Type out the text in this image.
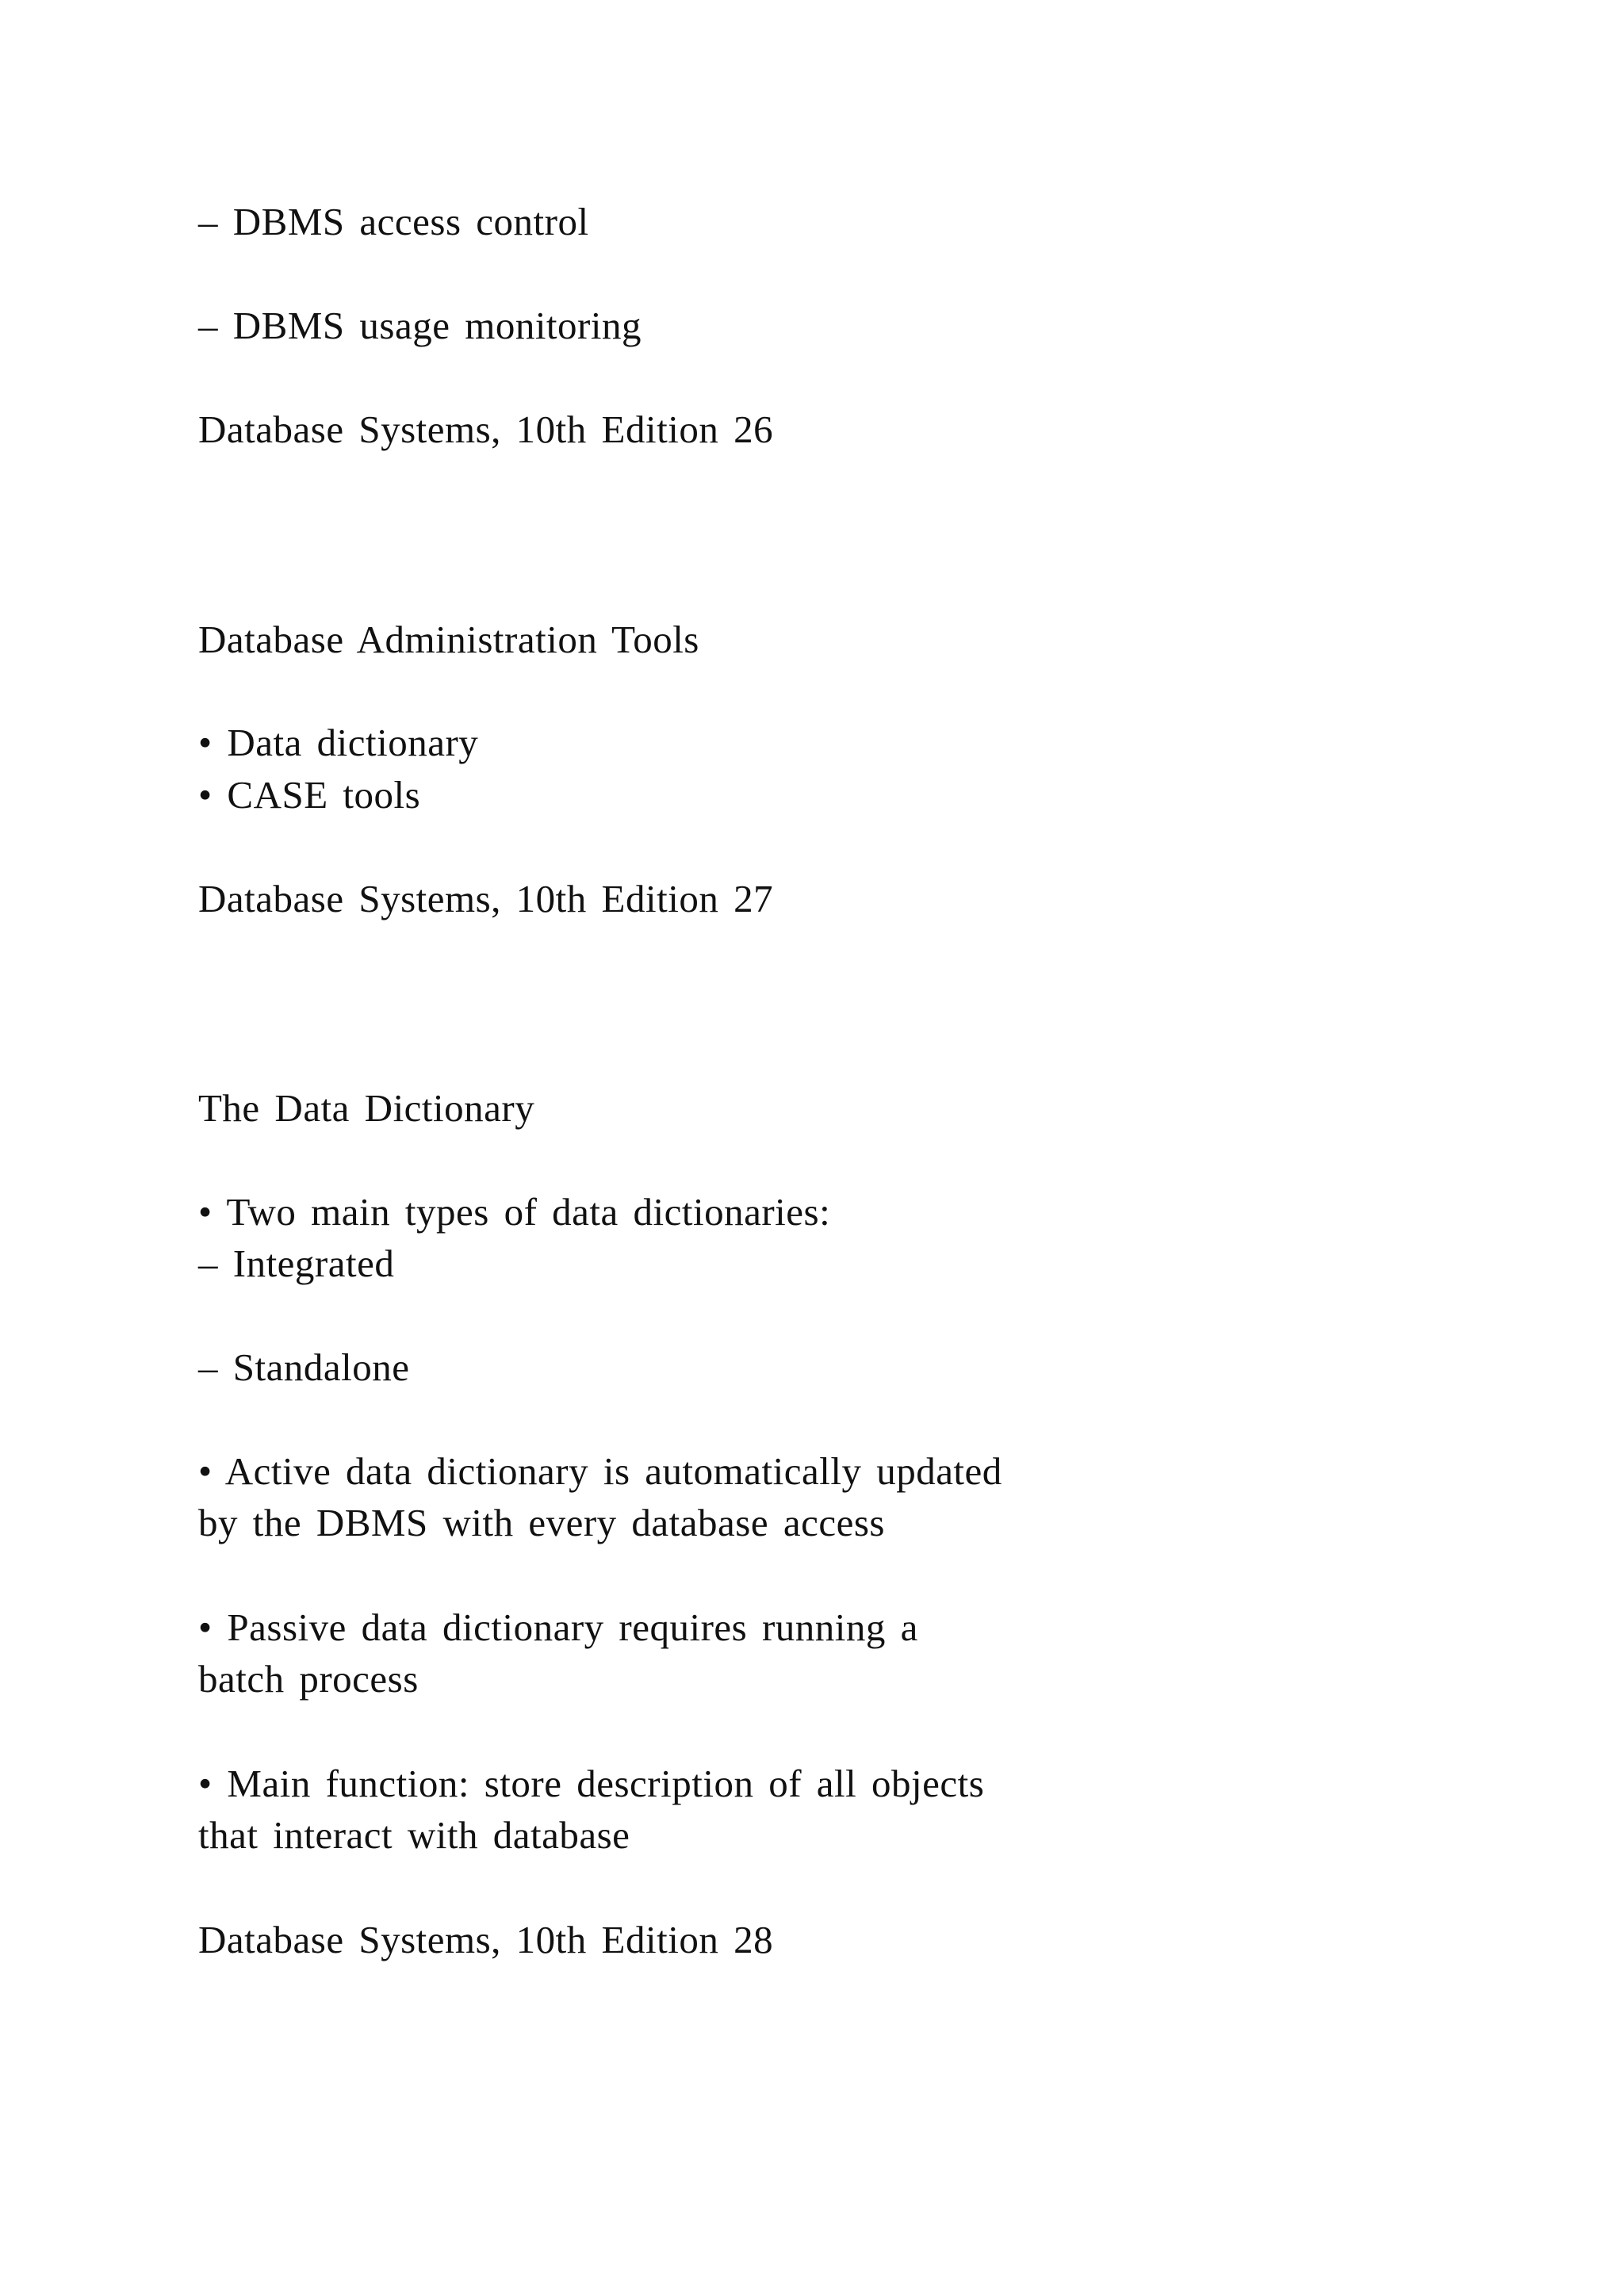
– DBMS access control

– DBMS usage monitoring

Database Systems, 10th Edition 26

Database Administration Tools

• Data dictionary

• CASE tools

Database Systems, 10th Edition 27

The Data Dictionary

• Two main types of data dictionaries:

– Integrated

– Standalone

• Active data dictionary is automatically updated

by the DBMS with every database access

• Passive data dictionary requires running a

batch process

• Main function: store description of all objects

that interact with database

Database Systems, 10th Edition 28
